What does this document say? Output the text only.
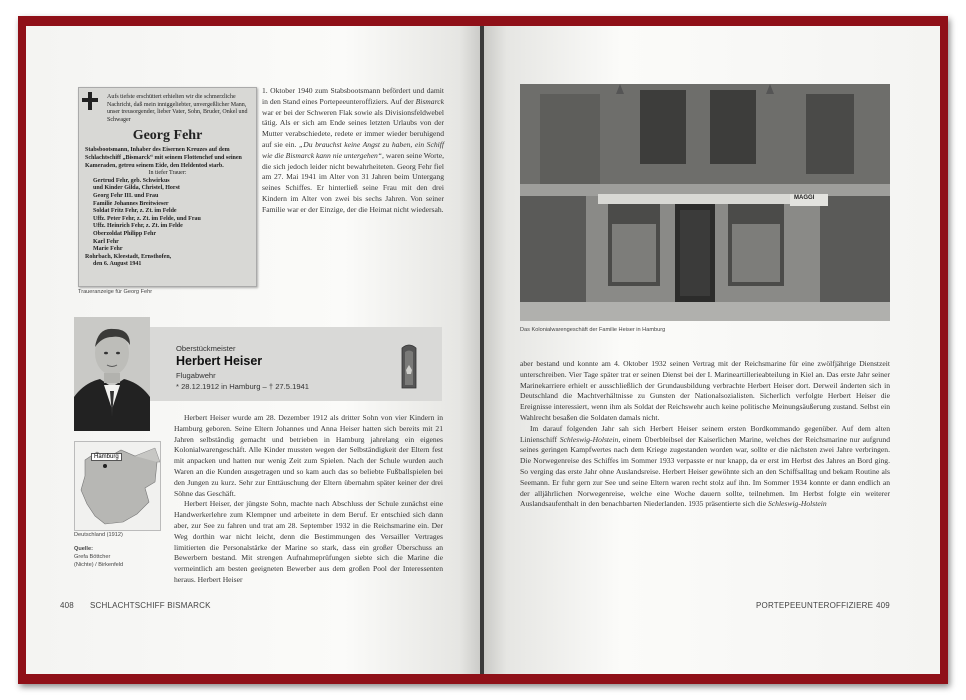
Aufs tiefste erschüttert erhielten wir die schmerzliche Nachricht, daß mein inniggeliebter, unvergeßlicher Mann, unser treusorgender, lieber Vater, Sohn, Bruder, Onkel und Schwager
Georg Fehr
Stabsbootsmann, Inhaber des Eisernen Kreuzes auf dem Schlachtschiff „Bismarck“ mit seinem Flottenchef und seinen Kameraden, getreu seinem Eide, den Heldentod starb.
In tiefer Trauer:
Gertrud Fehr, geb. Schwirkus
und Kinder Gilda, Christel, Horst
Georg Fehr III. und Frau
Familie Johannes Breitwieser
Soldat Fritz Fehr, z. Zt. im Felde
Uffz. Peter Fehr, z. Zt. im Felde, und Frau
Uffz. Heinrich Fehr, z. Zt. im Felde
Oberzoldat Philipp Fehr
Karl Fehr
Marie Fehr
Rohrbach, Kleestadt, Ernsthofen,
den 6. August 1941
Traueranzeige für Georg Fehr

1. Oktober 1940 zum Stabsbootsmann befördert und damit in den Stand eines Portepeeunteroffiziers. Auf der Bismarck war er bei der Schweren Flak sowie als Divisionsfeldwebel tätig. Als er sich am Ende seines letzten Urlaubs von der Mutter verabschiedete, redete er immer wieder beruhigend auf sie ein. „Du brauchst keine Angst zu haben, ein Schiff wie die Bismarck kann nie untergehen“, waren seine Worte, die sich jedoch leider nicht bewahrheiteten. Georg Fehr fiel am 27. Mai 1941 im Alter von 31 Jahren beim Untergang seines Schiffes. Er hinterließ seine Frau mit den drei Kindern im Alter von zwei bis sechs Jahren. Von seiner Familie war er der Einzige, der die Heimat nicht wiedersah.

Oberstückmeister
Herbert Heiser
Flugabwehr
* 28.12.1912 in Hamburg – † 27.5.1941
Hamburg
Deutschland (1912)
Quelle:
Grefa Böttcher
(Nichte) / Birkenfeld

Herbert Heiser wurde am 28. Dezember 1912 als dritter Sohn von vier Kindern in Hamburg geboren. Seine Eltern Johannes und Anna Heiser hatten sich bereits mit 21 Jahren selbständig gemacht und betrieben in Hamburg jahrelang ein eigenes Kolonialwarengeschäft. Alle Kinder mussten wegen der Selbständigkeit der Eltern fest mit anpacken und hatten nur wenig Zeit zum Spielen. Nach der Schule wurden auch Waren an die Kunden ausgetragen und so kam auch das so beliebte Fußballspielen bei den Jungen zu kurz. Sehr zur Enttäuschung der Eltern übernahm später keiner der drei Söhne das Geschäft.

Herbert Heiser, der jüngste Sohn, machte nach Abschluss der Schule zunächst eine Handwerkerlehre zum Klempner und arbeitete in dem Beruf. Er entschied sich dann aber, zur See zu fahren und trat am 28. September 1932 in die Reichsmarine ein. Der Weg dorthin war nicht leicht, denn die Bestimmungen des Versailler Vertrages limitierten die Personalstärke der Marine so stark, dass ein großer Überschuss an Bewerbern bestand. Mit strengen Aufnahmeprüfungen siebte sich die Marine die vermeintlich am besten geeigneten Bewerber aus dem großen Pool der Interessenten heraus. Herbert Heiser

408 SCHLACHTSCHIFF BISMARCK
MAGGI
Das Kolonialwarengeschäft der Familie Heiser in Hamburg

aber bestand und konnte am 4. Oktober 1932 seinen Vertrag mit der Reichsmarine für eine zwölfjährige Dienstzeit unterschreiben. Vier Tage später trat er seinen Dienst bei der I. Marineartillerieabteilung in Kiel an. Das erste Jahr seiner Marinekarriere erhielt er ausschließlich der Grundausbildung verbrachte Herbert Heiser dort. Derweil änderten sich in Deutschland die Machtverhältnisse zu Gunsten der Nationalsozialisten. Sicherlich verfolgte Herbert Heiser die Ereignisse interessiert, wenn ihm als Soldat der Reichswehr auch keine politische Meinungsäußerung zustand. Selbst ein Wahlrecht besaßen die Soldaten damals nicht.

Im darauf folgenden Jahr sah sich Herbert Heiser seinem ersten Bordkommando gegenüber. Auf dem alten Linienschiff Schleswig-Holstein, einem Überbleibsel der Kaiserlichen Marine, welches der Reichsmarine nur aufgrund seines geringen Kampfwertes nach dem Kriege zugestanden worden war, sollte er die nächsten zwei Jahre verbringen. Die Norwegenreise des Schiffes im Sommer 1933 verpasste er nur knapp, da er erst im Herbst des Jahres an Bord ging. So verging das erste Jahr ohne Auslandsreise. Herbert Heiser gewöhnte sich an den Schiffsalltag und bekam Routine als Seemann. Er fuhr gern zur See und seine Eltern waren recht stolz auf ihn. Im Sommer 1934 konnte er dann endlich an der alljährlichen Norwegenreise, welche eine Woche dauern sollte, teilnehmen. Im Herbst folgte ein weiterer Auslandsaufenthalt in den benachbarten Niederlanden. 1935 präsentierte sich die Schleswig-Holstein

PORTEPEEUNTEROFFIZIERE 409
